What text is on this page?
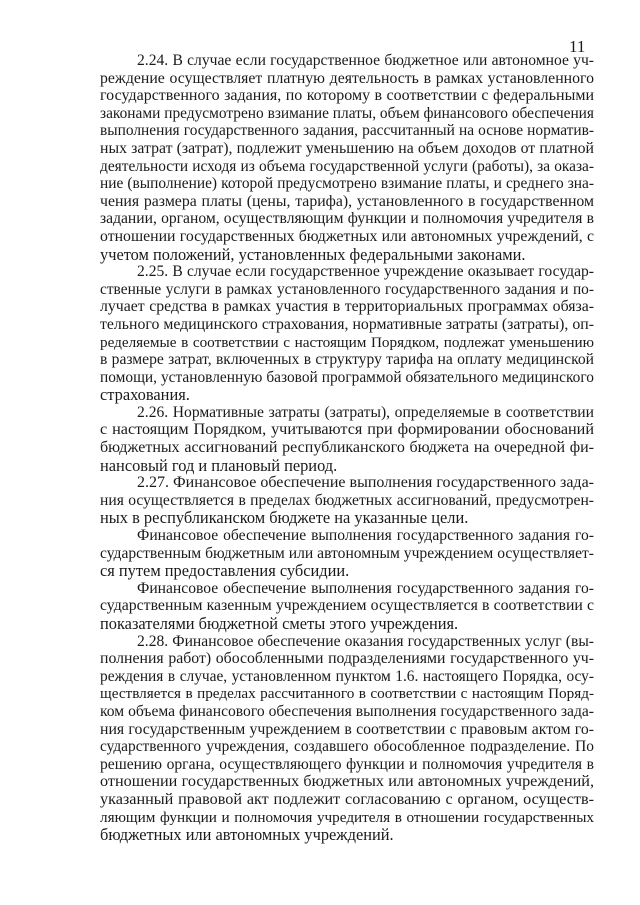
11
2.24. В случае если государственное бюджетное или автономное уч-
реждение осуществляет платную деятельность в рамках установленного
государственного задания, по которому в соответствии с федеральными
законами предусмотрено взимание платы, объем финансового обеспечения
выполнения государственного задания, рассчитанный на основе норматив-
ных затрат (затрат), подлежит уменьшению на объем доходов от платной
деятельности исходя из объема государственной услуги (работы), за оказа-
ние (выполнение) которой предусмотрено взимание платы, и среднего зна-
чения размера платы (цены, тарифа), установленного в государственном
задании, органом, осуществляющим функции и полномочия учредителя в
отношении государственных бюджетных или автономных учреждений, с
учетом положений, установленных федеральными законами.
2.25. В случае если государственное учреждение оказывает государ-
ственные услуги в рамках установленного государственного задания и по-
лучает средства в рамках участия в территориальных программах обяза-
тельного медицинского страхования, нормативные затраты (затраты), оп-
ределяемые в соответствии с настоящим Порядком, подлежат уменьшению
в размере затрат, включенных в структуру тарифа на оплату медицинской
помощи, установленную базовой программой обязательного медицинского
страхования.
2.26. Нормативные затраты (затраты), определяемые в соответствии
с настоящим Порядком, учитываются при формировании обоснований
бюджетных ассигнований республиканского бюджета на очередной фи-
нансовый год и плановый период.
2.27. Финансовое обеспечение выполнения государственного зада-
ния осуществляется в пределах бюджетных ассигнований, предусмотрен-
ных в республиканском бюджете на указанные цели.
Финансовое обеспечение выполнения государственного задания го-
сударственным бюджетным или автономным учреждением осуществляет-
ся путем предоставления субсидии.
Финансовое обеспечение выполнения государственного задания го-
сударственным казенным учреждением осуществляется в соответствии с
показателями бюджетной сметы этого учреждения.
2.28. Финансовое обеспечение оказания государственных услуг (вы-
полнения работ) обособленными подразделениями государственного уч-
реждения в случае, установленном пунктом 1.6. настоящего Порядка, осу-
ществляется в пределах рассчитанного в соответствии с настоящим Поряд-
ком объема финансового обеспечения выполнения государственного зада-
ния государственным учреждением в соответствии с правовым актом го-
сударственного учреждения, создавшего обособленное подразделение. По
решению органа, осуществляющего функции и полномочия учредителя в
отношении государственных бюджетных или автономных учреждений,
указанный правовой акт подлежит согласованию с органом, осуществ-
ляющим функции и полномочия учредителя в отношении государственных
бюджетных или автономных учреждений.
